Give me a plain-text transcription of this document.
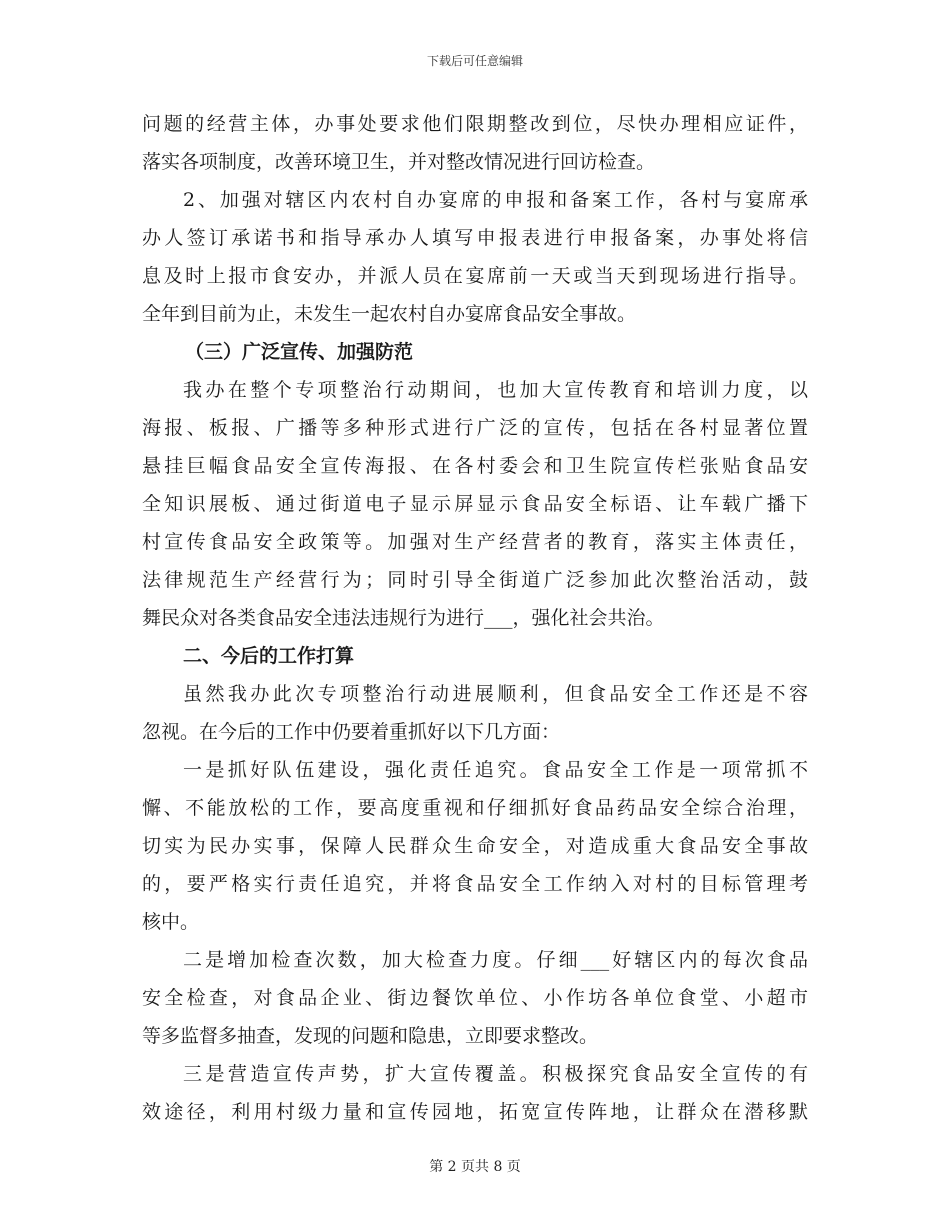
下载后可任意编辑
问题的经营主体，办事处要求他们限期整改到位，尽快办理相应证件，
落实各项制度，改善环境卫生，并对整改情况进行回访检查。
2、加强对辖区内农村自办宴席的申报和备案工作，各村与宴席承
办人签订承诺书和指导承办人填写申报表进行申报备案，办事处将信
息及时上报市食安办，并派人员在宴席前一天或当天到现场进行指导。
全年到目前为止，未发生一起农村自办宴席食品安全事故。
（三）广泛宣传、加强防范
我办在整个专项整治行动期间，也加大宣传教育和培训力度，以
海报、板报、广播等多种形式进行广泛的宣传，包括在各村显著位置
悬挂巨幅食品安全宣传海报、在各村委会和卫生院宣传栏张贴食品安
全知识展板、通过街道电子显示屏显示食品安全标语、让车载广播下
村宣传食品安全政策等。加强对生产经营者的教育，落实主体责任，
法律规范生产经营行为；同时引导全街道广泛参加此次整治活动，鼓
舞民众对各类食品安全违法违规行为进行___，强化社会共治。
二、今后的工作打算
虽然我办此次专项整治行动进展顺利，但食品安全工作还是不容
忽视。在今后的工作中仍要着重抓好以下几方面：
一是抓好队伍建设，强化责任追究。食品安全工作是一项常抓不
懈、不能放松的工作，要高度重视和仔细抓好食品药品安全综合治理，
切实为民办实事，保障人民群众生命安全，对造成重大食品安全事故
的，要严格实行责任追究，并将食品安全工作纳入对村的目标管理考
核中。
二是增加检查次数，加大检查力度。仔细___好辖区内的每次食品
安全检查，对食品企业、街边餐饮单位、小作坊各单位食堂、小超市
等多监督多抽查，发现的问题和隐患，立即要求整改。
三是营造宣传声势，扩大宣传覆盖。积极探究食品安全宣传的有
效途径，利用村级力量和宣传园地，拓宽宣传阵地，让群众在潜移默
第 2 页共 8 页
